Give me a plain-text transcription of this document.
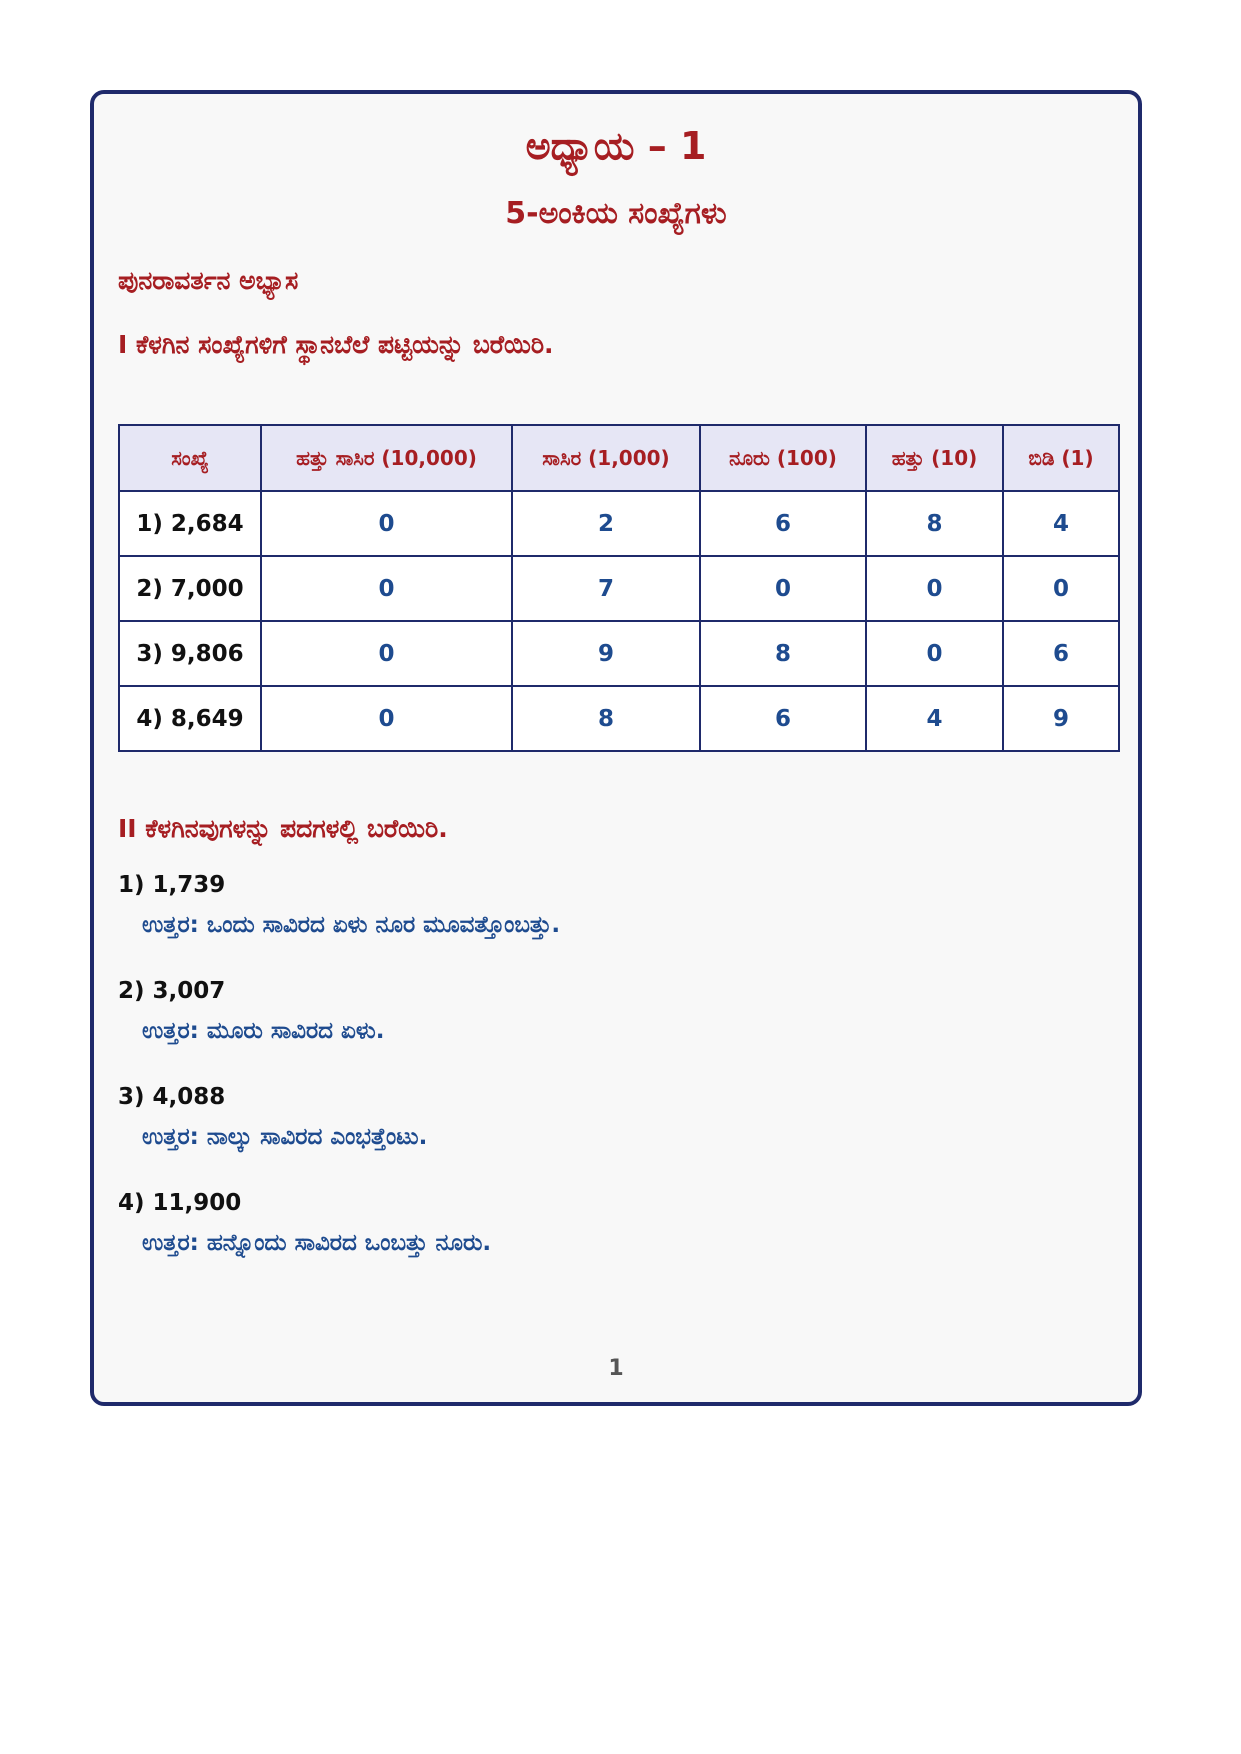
ಅಧ್ಯಾಯ – 1
5-ಅಂಕಿಯ ಸಂಖ್ಯೆಗಳು
ಪುನರಾವರ್ತನ ಅಭ್ಯಾಸ
I ಕೆಳಗಿನ ಸಂಖ್ಯೆಗಳಿಗೆ ಸ್ಥಾನಬೆಲೆ ಪಟ್ಟಿಯನ್ನು ಬರೆಯಿರಿ.
ಸಂಖ್ಯೆ	ಹತ್ತು ಸಾಸಿರ (10,000)	ಸಾಸಿರ (1,000)	ನೂರು (100)	ಹತ್ತು (10)	ಬಿಡಿ (1)
1) 2,684	0	2	6	8	4
2) 7,000	0	7	0	0	0
3) 9,806	0	9	8	0	6
4) 8,649	0	8	6	4	9
II ಕೆಳಗಿನವುಗಳನ್ನು ಪದಗಳಲ್ಲಿ ಬರೆಯಿರಿ.
1) 1,739
ಉತ್ತರ: ಒಂದು ಸಾವಿರದ ಏಳು ನೂರ ಮೂವತ್ತೊಂಬತ್ತು.
2) 3,007
ಉತ್ತರ: ಮೂರು ಸಾವಿರದ ಏಳು.
3) 4,088
ಉತ್ತರ: ನಾಲ್ಕು ಸಾವಿರದ ಎಂಭತ್ತೆಂಟು.
4) 11,900
ಉತ್ತರ: ಹನ್ನೊಂದು ಸಾವಿರದ ಒಂಬತ್ತು ನೂರು.
1
